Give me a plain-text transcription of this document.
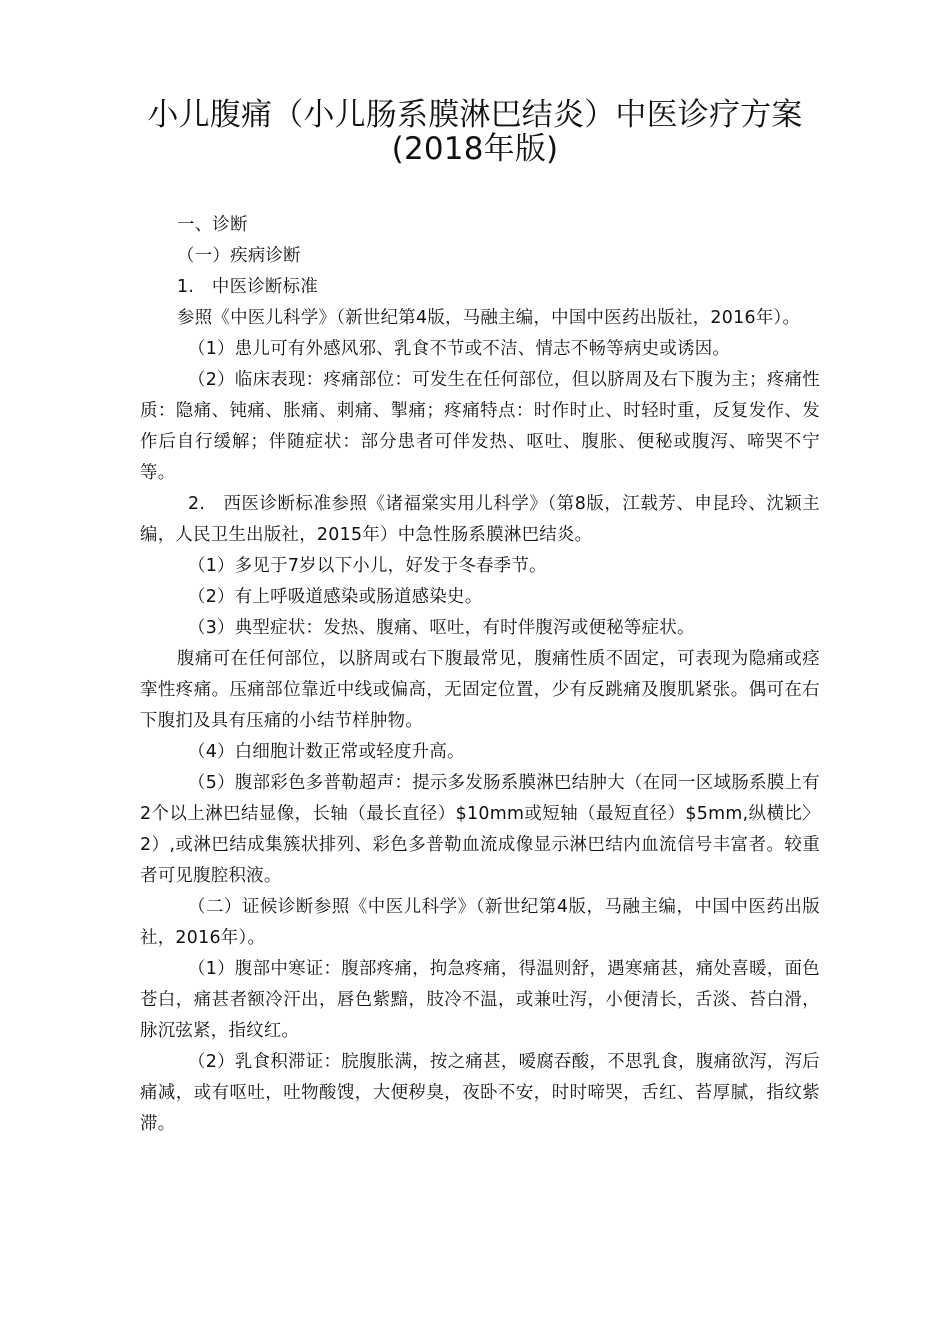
小儿腹痛（小儿肠系膜淋巴结炎）中医诊疗方案
(2018年版)

一、诊断

（一）疾病诊断

1.　中医诊断标准

参照《中医儿科学》（新世纪第4版，马融主编，中国中医药出版社，2016年）。

（1）患儿可有外感风邪、乳食不节或不洁、情志不畅等病史或诱因。

（2）临床表现：疼痛部位：可发生在任何部位，但以脐周及右下腹为主；疼痛性质：隐痛、钝痛、胀痛、刺痛、掣痛；疼痛特点：时作时止、时轻时重，反复发作、发作后自行缓解；伴随症状：部分患者可伴发热、呕吐、腹胀、便秘或腹泻、啼哭不宁等。

2.　西医诊断标准参照《诸福棠实用儿科学》（第8版，江载芳、申昆玲、沈颖主编，人民卫生出版社，2015年）中急性肠系膜淋巴结炎。

（1）多见于7岁以下小儿，好发于冬春季节。

（2）有上呼吸道感染或肠道感染史。

（3）典型症状：发热、腹痛、呕吐，有时伴腹泻或便秘等症状。

腹痛可在任何部位，以脐周或右下腹最常见，腹痛性质不固定，可表现为隐痛或痉挛性疼痛。压痛部位靠近中线或偏高，无固定位置，少有反跳痛及腹肌紧张。偶可在右下腹扪及具有压痛的小结节样肿物。

（4）白细胞计数正常或轻度升高。

（5）腹部彩色多普勒超声：提示多发肠系膜淋巴结肿大（在同一区域肠系膜上有2个以上淋巴结显像，长轴（最长直径）$10mm或短轴（最短直径）$5mm,纵横比〉2）,或淋巴结成集簇状排列、彩色多普勒血流成像显示淋巴结内血流信号丰富者。较重者可见腹腔积液。

（二）证候诊断参照《中医儿科学》（新世纪第4版，马融主编，中国中医药出版社，2016年）。

（1）腹部中寒证：腹部疼痛，拘急疼痛，得温则舒，遇寒痛甚，痛处喜暖，面色苍白，痛甚者额冷汗出，唇色紫黯，肢冷不温，或兼吐泻，小便清长，舌淡、苔白滑，脉沉弦紧，指纹红。

（2）乳食积滞证：脘腹胀满，按之痛甚，嗳腐吞酸，不思乳食，腹痛欲泻，泻后痛减，或有呕吐，吐物酸馊，大便秽臭，夜卧不安，时时啼哭，舌红、苔厚腻，指纹紫滞。
